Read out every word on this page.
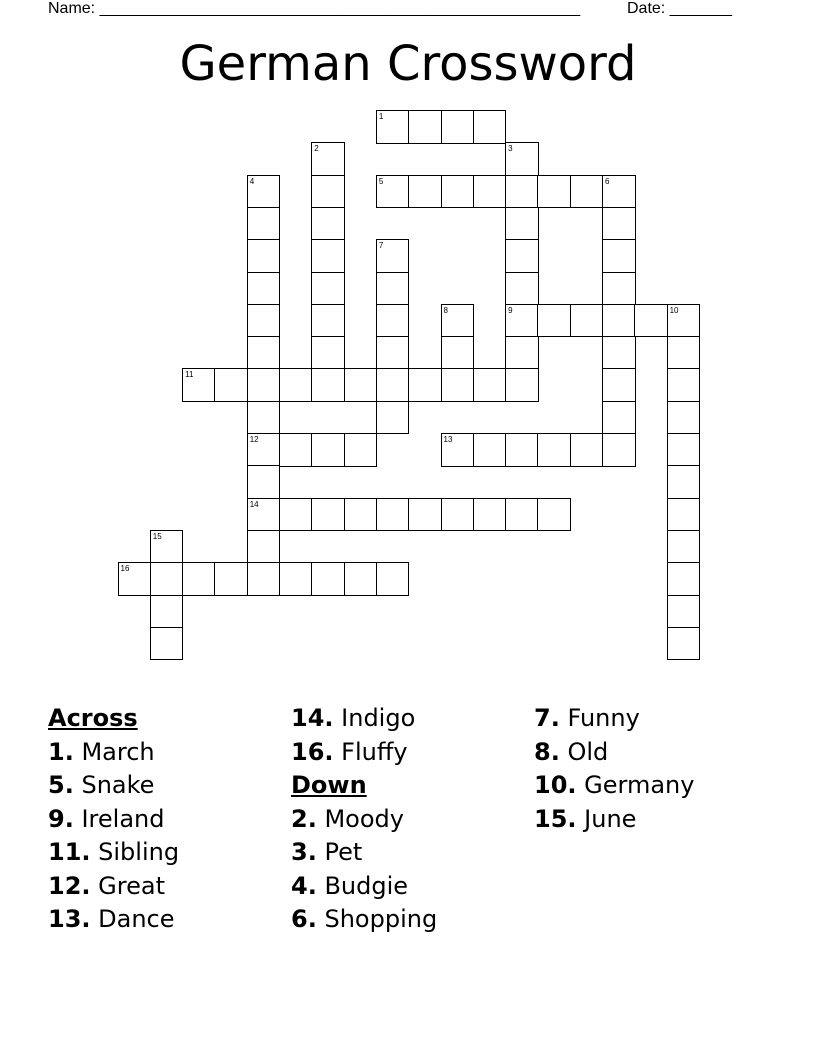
Name: ______________________________________________________	Date: _______
German Crossword
1
2	3
9
4
12
14
5	6
7
8	10
11
13
15
16
Across
1. March
5. Snake
9. Ireland
11. Sibling
12. Great
13. Dance
14. Indigo
16. Fluffy
Down
2. Moody
3. Pet
4. Budgie
6. Shopping
7. Funny
8. Old
10. Germany
15. June
